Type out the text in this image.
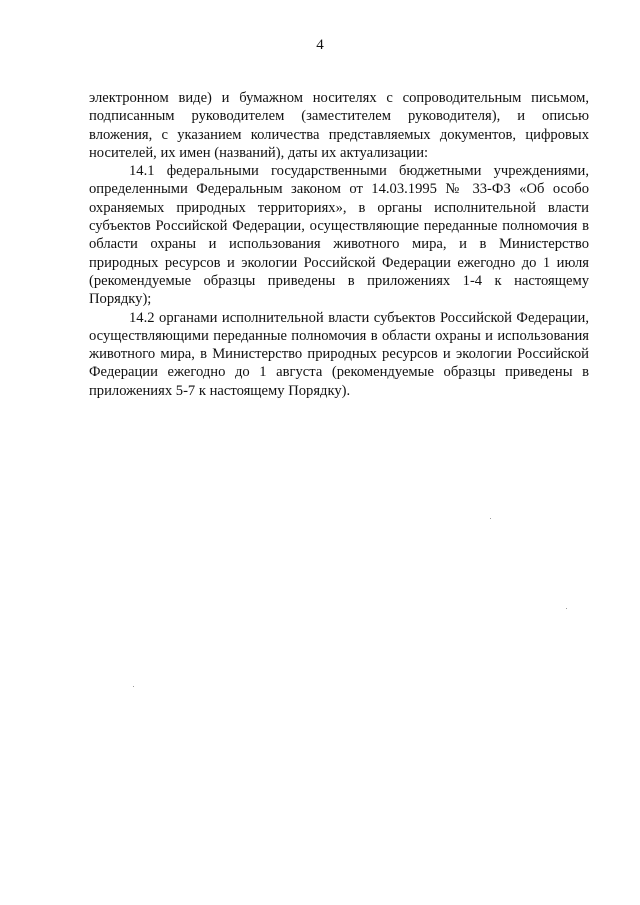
4

электронном виде) и бумажном носителях с сопроводительным письмом, подписанным руководителем (заместителем руководителя), и описью вложения, с указанием количества представляемых документов, цифровых носителей, их имен (названий), даты их актуализации:

14.1 федеральными государственными бюджетными учреждениями, определенными Федеральным законом от 14.03.1995 № 33-ФЗ «Об особо охраняемых природных территориях», в органы исполнительной власти субъектов Российской Федерации, осуществляющие переданные полномочия в области охраны и использования животного мира, и в Министерство природных ресурсов и экологии Российской Федерации ежегодно до 1 июля (рекомендуемые образцы приведены в приложениях 1-4 к настоящему Порядку);

14.2 органами исполнительной власти субъектов Российской Федерации, осуществляющими переданные полномочия в области охраны и использования животного мира, в Министерство природных ресурсов и экологии Российской Федерации ежегодно до 1 августа (рекомендуемые образцы приведены в приложениях 5-7 к настоящему Порядку).
